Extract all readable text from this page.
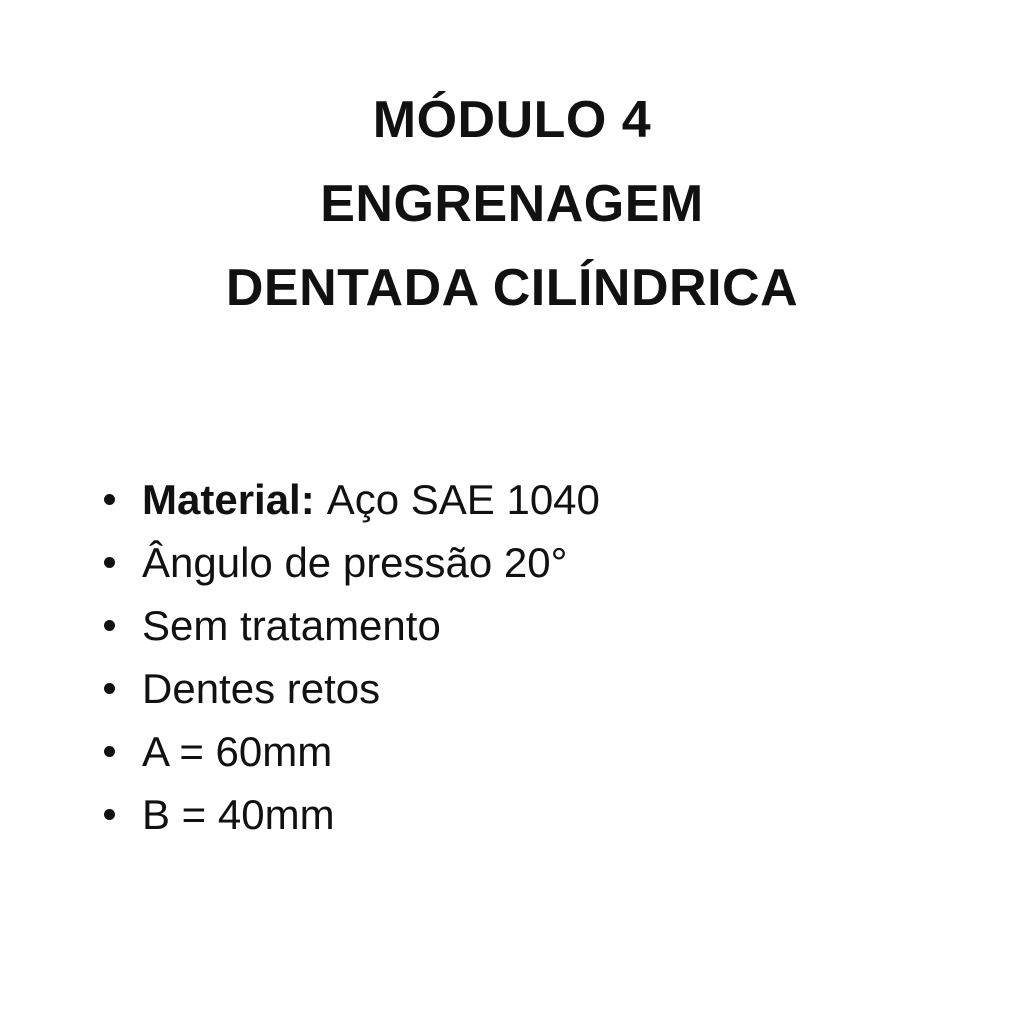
MÓDULO 4
ENGRENAGEM
DENTADA CILÍNDRICA
Material: Aço SAE 1040
Ângulo de pressão 20°
Sem tratamento
Dentes retos
A = 60mm
B = 40mm
